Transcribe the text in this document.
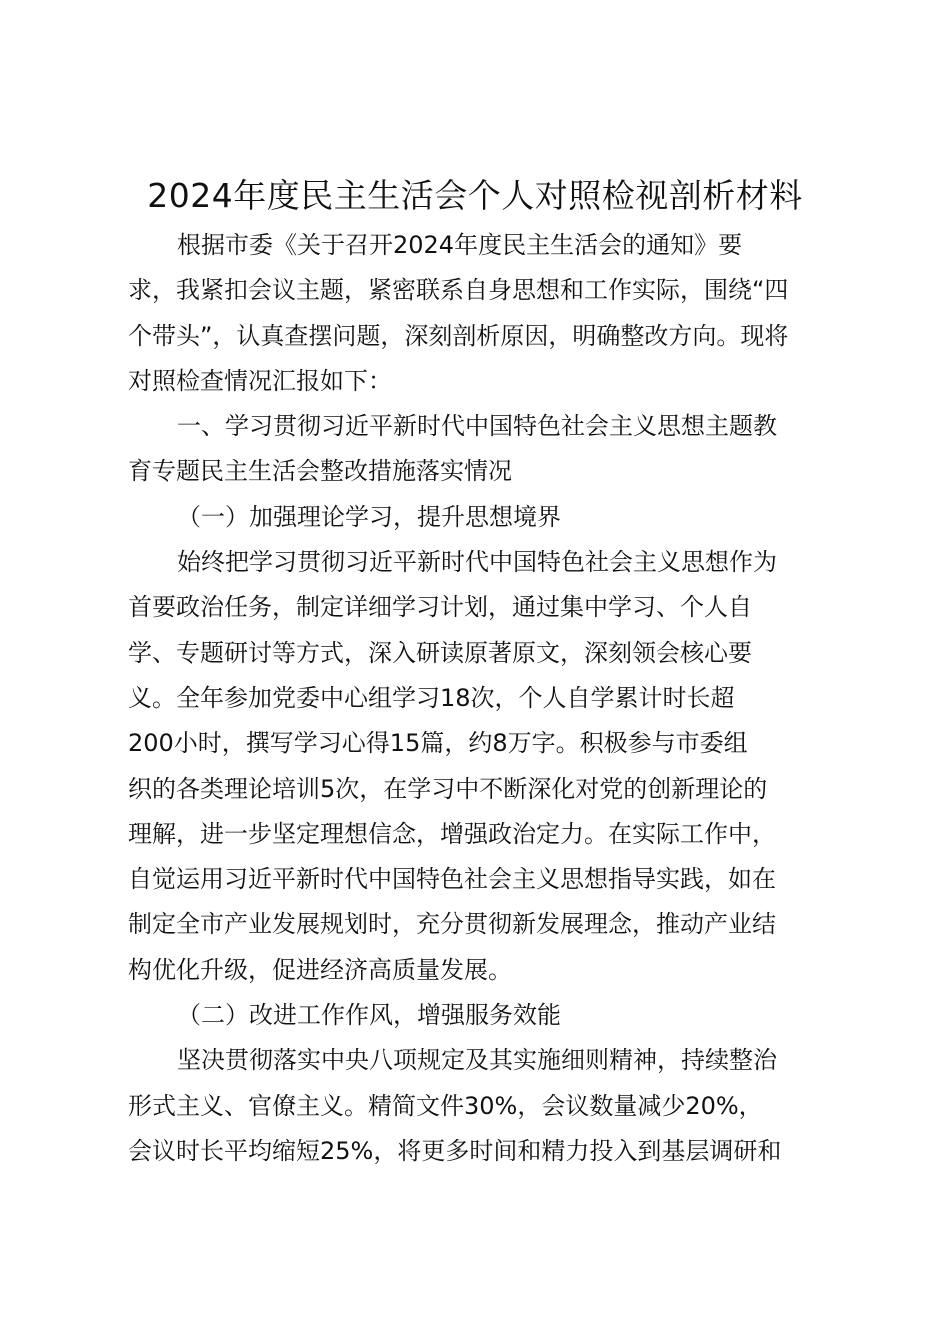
2024年度民主生活会个人对照检视剖析材料
根据市委《关于召开2024年度民主生活会的通知》要
求，我紧扣会议主题，紧密联系自身思想和工作实际，围绕“四
个带头”，认真查摆问题，深刻剖析原因，明确整改方向。现将
对照检查情况汇报如下：
一、学习贯彻习近平新时代中国特色社会主义思想主题教
育专题民主生活会整改措施落实情况
（一）加强理论学习，提升思想境界
始终把学习贯彻习近平新时代中国特色社会主义思想作为
首要政治任务，制定详细学习计划，通过集中学习、个人自
学、专题研讨等方式，深入研读原著原文，深刻领会核心要
义。全年参加党委中心组学习18次，个人自学累计时长超
200小时，撰写学习心得15篇，约8万字。积极参与市委组
织的各类理论培训5次，在学习中不断深化对党的创新理论的
理解，进一步坚定理想信念，增强政治定力。在实际工作中，
自觉运用习近平新时代中国特色社会主义思想指导实践，如在
制定全市产业发展规划时，充分贯彻新发展理念，推动产业结
构优化升级，促进经济高质量发展。
（二）改进工作作风，增强服务效能
坚决贯彻落实中央八项规定及其实施细则精神，持续整治
形式主义、官僚主义。精简文件30%，会议数量减少20%，
会议时长平均缩短25%，将更多时间和精力投入到基层调研和
